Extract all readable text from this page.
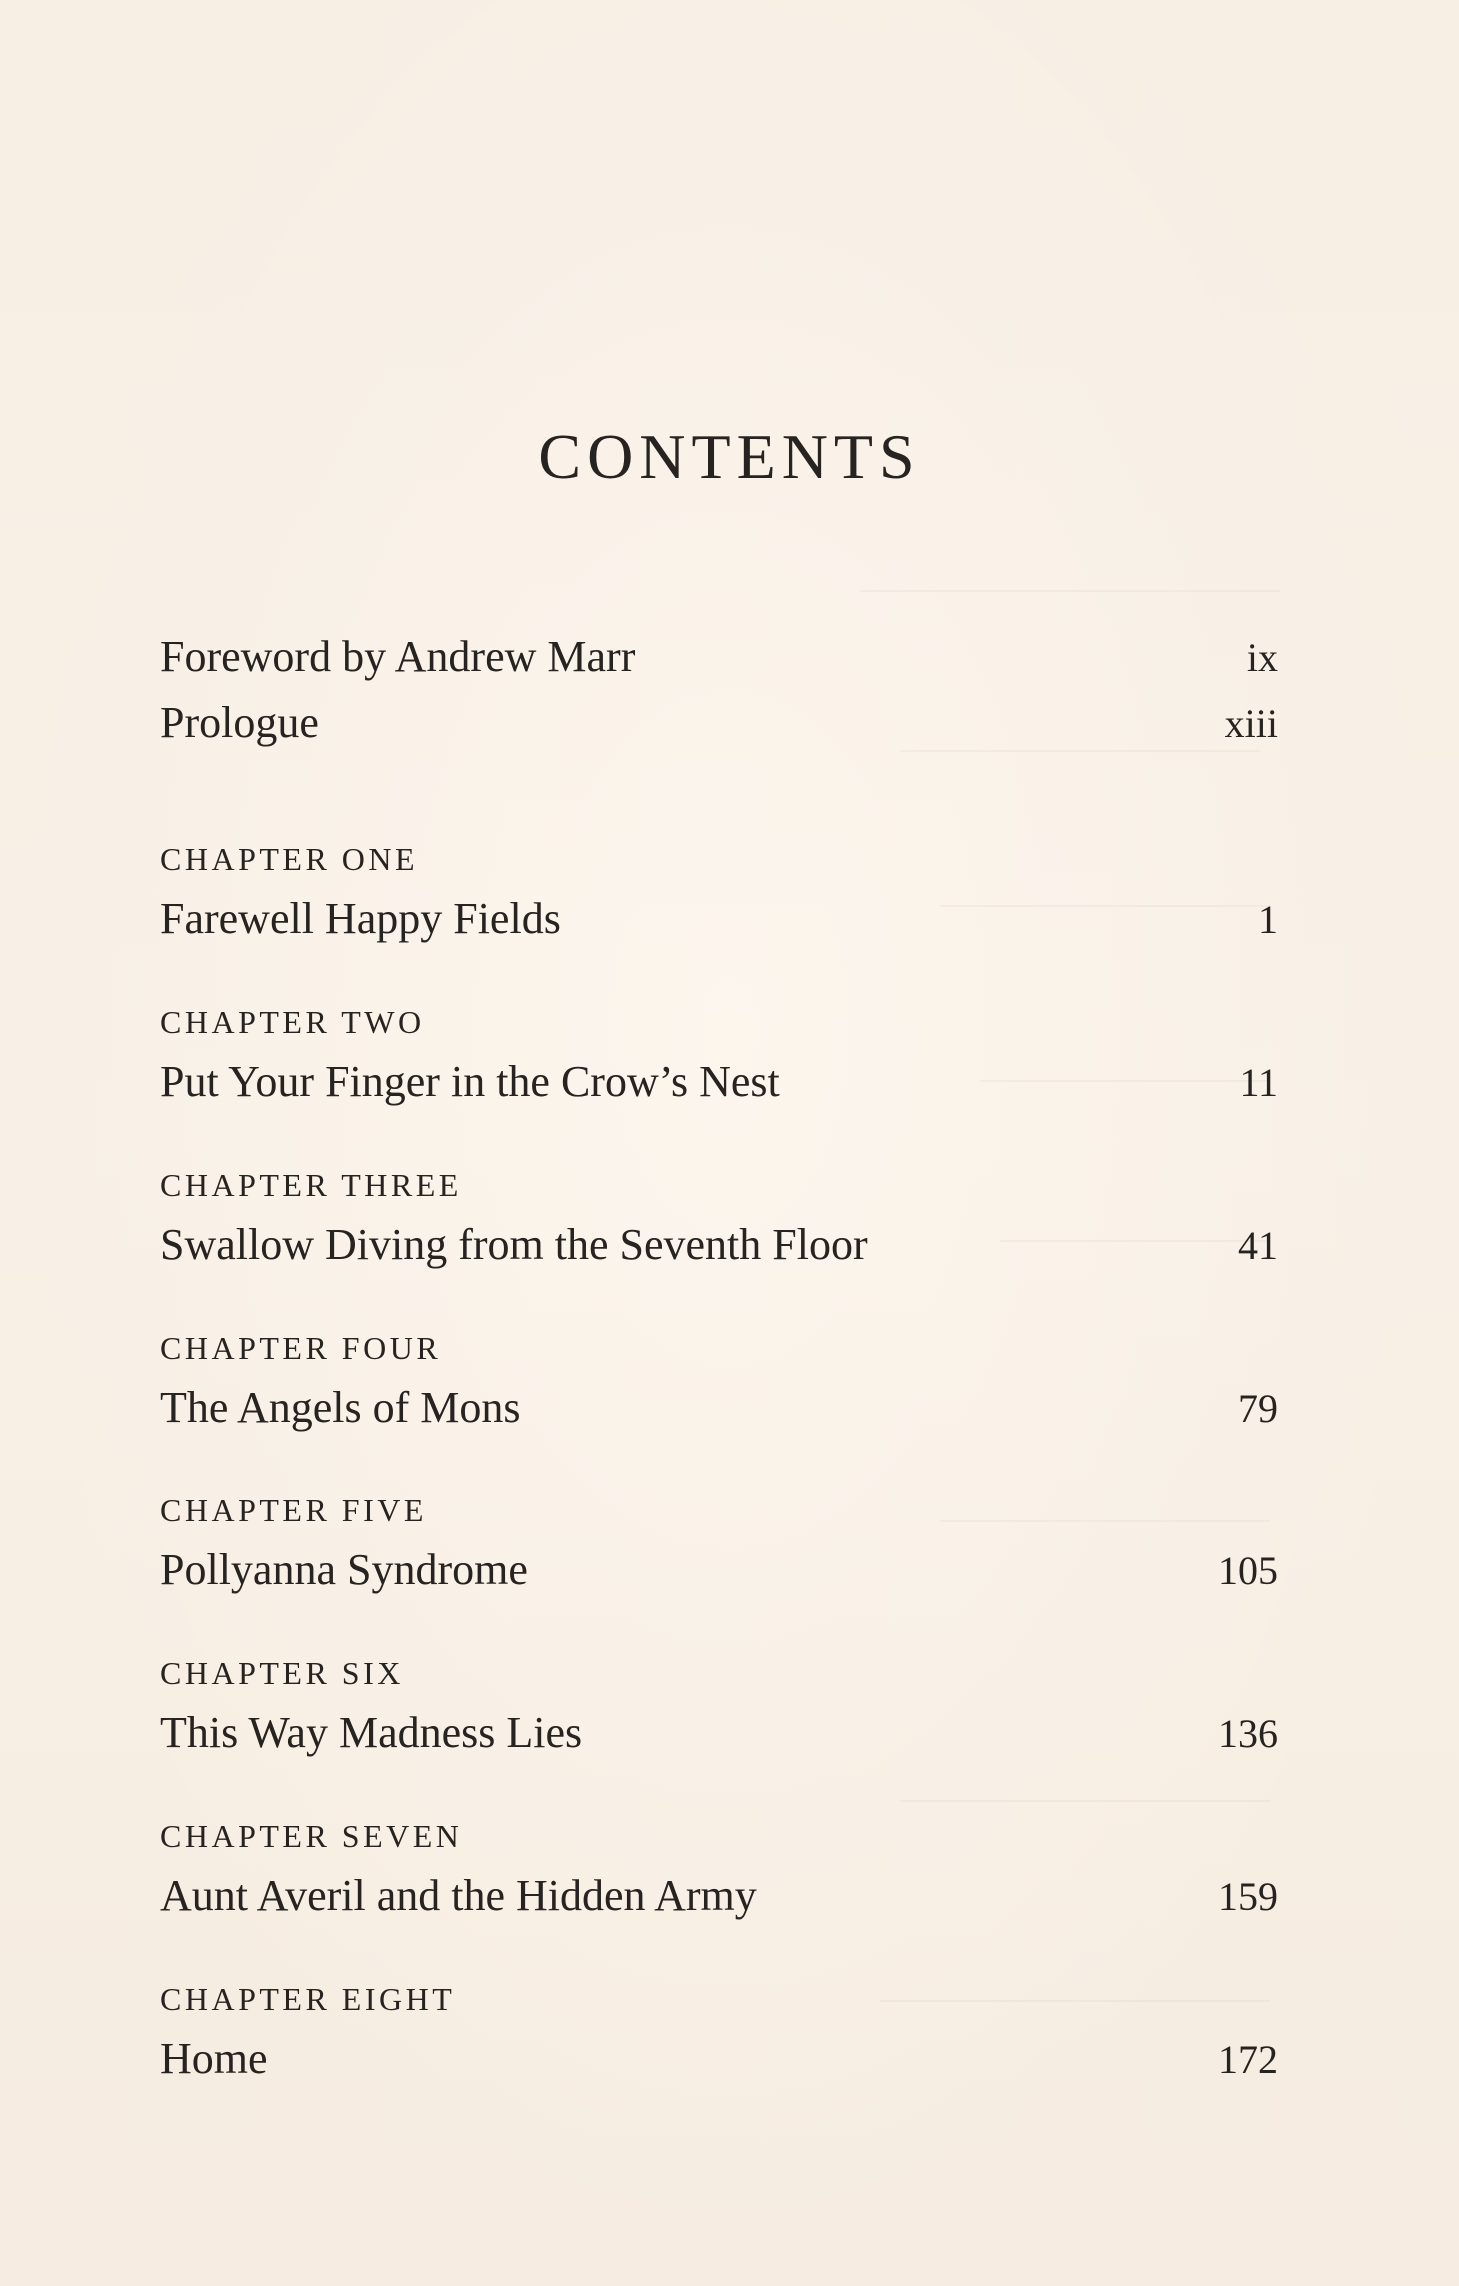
CONTENTS
Foreword by Andrew Marr	ix
Prologue	xiii
CHAPTER ONE
Farewell Happy Fields	1
CHAPTER TWO
Put Your Finger in the Crow’s Nest	11
CHAPTER THREE
Swallow Diving from the Seventh Floor	41
CHAPTER FOUR
The Angels of Mons	79
CHAPTER FIVE
Pollyanna Syndrome	105
CHAPTER SIX
This Way Madness Lies	136
CHAPTER SEVEN
Aunt Averil and the Hidden Army	159
CHAPTER EIGHT
Home	172
